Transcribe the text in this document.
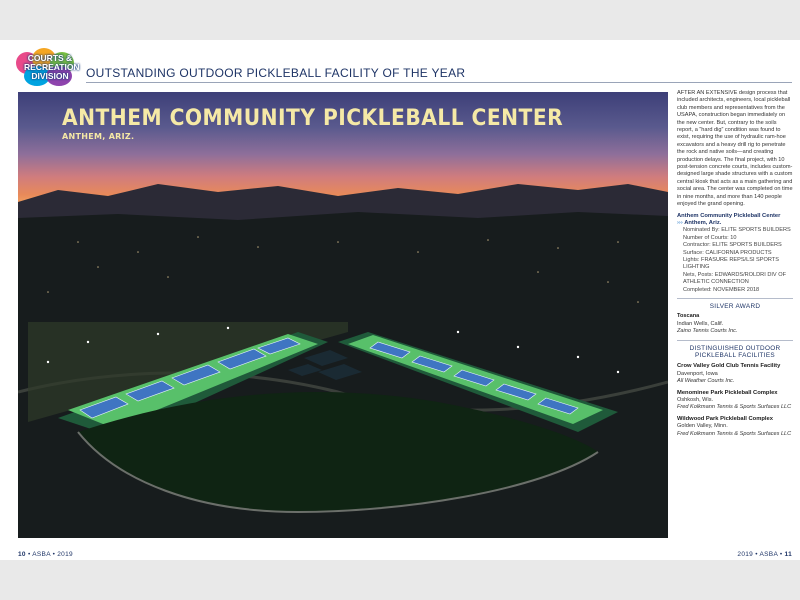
COURTS &
RECREATION
DIVISION	OUTSTANDING OUTDOOR PICKLEBALL FACILITY OF THE YEAR
ANTHEM COMMUNITY PICKLEBALL CENTER
ANTHEM, ARIZ.

AFTER AN EXTENSIVE design process that included architects, engineers, local pickleball club members and representatives from the USAPA, construction began immediately on the new center. But, contrary to the soils report, a “hard dig” condition was found to exist, requiring the use of hydraulic ram-hoe excavators and a heavy drill rig to penetrate the rock and native soils—and creating production delays. The final project, with 10 post-tension concrete courts, includes custom-designed large shade structures with a custom central kiosk that acts as a main gathering and social area. The center was completed on time in nine months, and more than 140 people enjoyed the grand opening.

Anthem Community Pickleball Center
››› Anthem, Ariz.
Nominated By: ELITE SPORTS BUILDERS
Number of Courts: 10
Contractor: ELITE SPORTS BUILDERS
Surface: CALIFORNIA PRODUCTS
Lights: FRASURE REPS/LSI SPORTS LIGHTING
Nets, Posts: EDWARDS/ROLDRI DIV OF ATHLETIC CONNECTION
Completed: NOVEMBER 2018
SILVER AWARD
Toscana
Indian Wells, Calif.
Zaino Tennis Courts Inc.
DISTINGUISHED OUTDOOR PICKLEBALL FACILITIES
Crow Valley Gold Club Tennis Facility
Davenport, Iowa
All Weather Courts Inc.
Menominee Park Pickleball Complex
Oshkosh, Wis.
Fred Kolkmann Tennis & Sports Surfaces LLC
Wildwood Park Pickleball Complex
Golden Valley, Minn.
Fred Kolkmann Tennis & Sports Surfaces LLC
10 • ASBA • 2019	2019 • ASBA • 11
